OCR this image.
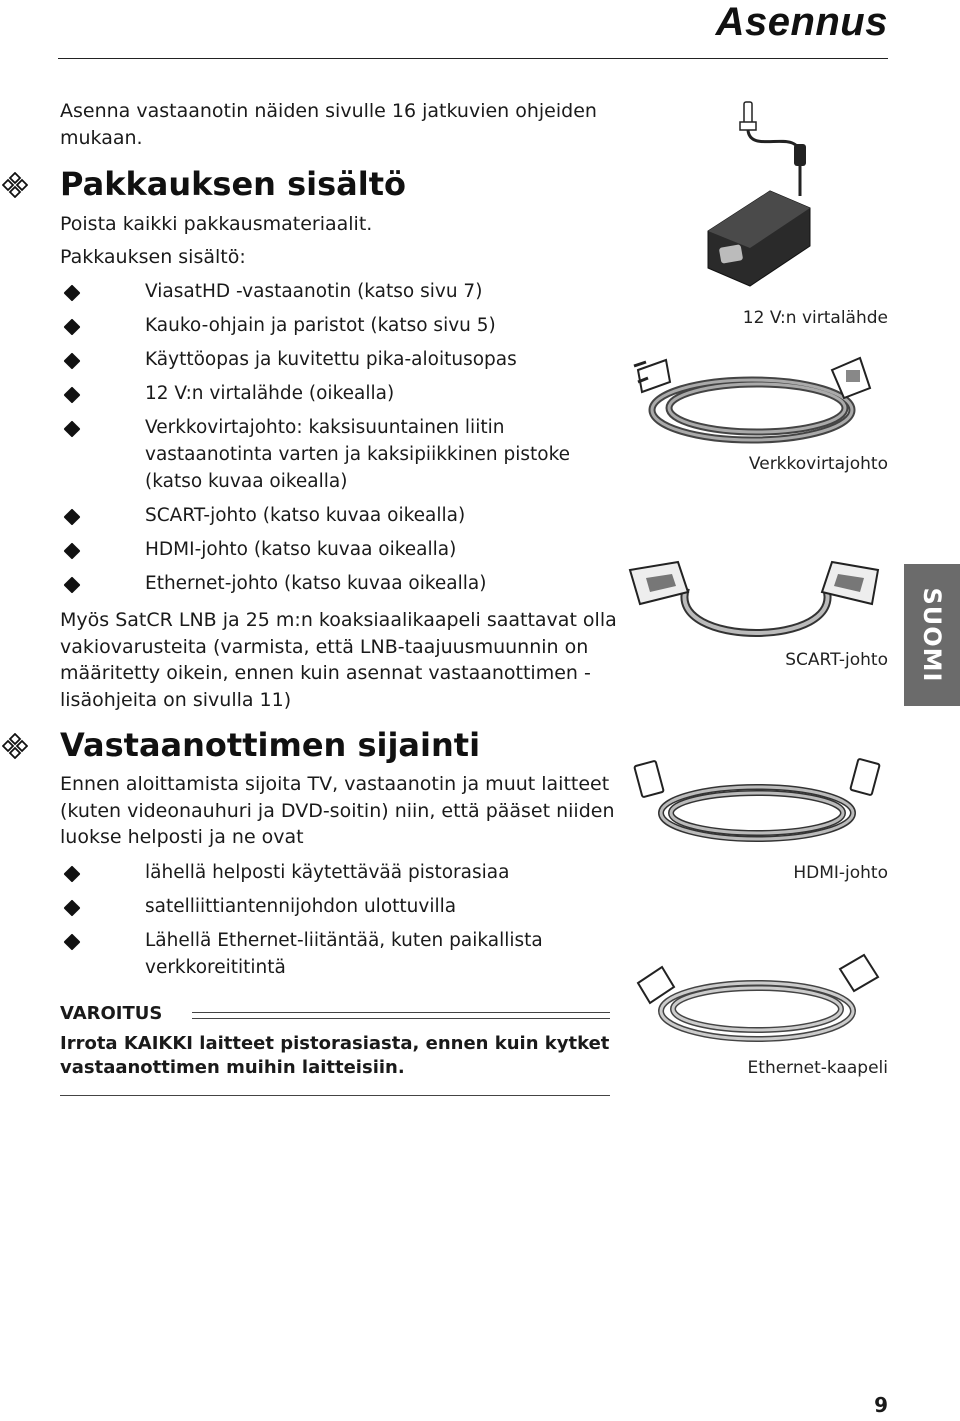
Asennus

Asenna vastaanotin näiden sivulle 16 jatkuvien ohjeiden mukaan.

Pakkauksen sisältö

Poista kaikki pakkausmateriaalit.

Pakkauksen sisältö:

ViasatHD -vastaanotin (katso sivu 7)
Kauko-ohjain ja paristot (katso sivu 5)
Käyttöopas ja kuvitettu pika-aloitusopas
12 V:n virtalähde (oikealla)
Verkkovirtajohto: kaksisuuntainen liitin vastaanotinta varten ja kaksipiikkinen pistoke (katso kuvaa oikealla)
SCART-johto (katso kuvaa oikealla)
HDMI-johto (katso kuvaa oikealla)
Ethernet-johto (katso kuvaa oikealla)

Myös SatCR LNB ja 25 m:n koaksiaalikaapeli saattavat olla vakiovarusteita (varmista, että LNB-taajuusmuunnin on määritetty oikein, ennen kuin asennat vastaanottimen - lisäohjeita on sivulla 11)

Vastaanottimen sijainti

Ennen aloittamista sijoita TV, vastaanotin ja muut laitteet (kuten videonauhuri ja DVD-soitin) niin, että pääset niiden luokse helposti ja ne ovat

lähellä helposti käytettävää pistorasiaa
satelliittiantennijohdon ulottuvilla
Lähellä Ethernet-liitäntää, kuten paikallista verkkoreititintä
VAROITUS
Irrota KAIKKI laitteet pistorasiasta, ennen kuin kytket vastaanottimen muihin laitteisiin.
12 V:n virtalähde
Verkkovirtajohto
SCART-johto
HDMI-johto
Ethernet-kaapeli
SUOMI
9
